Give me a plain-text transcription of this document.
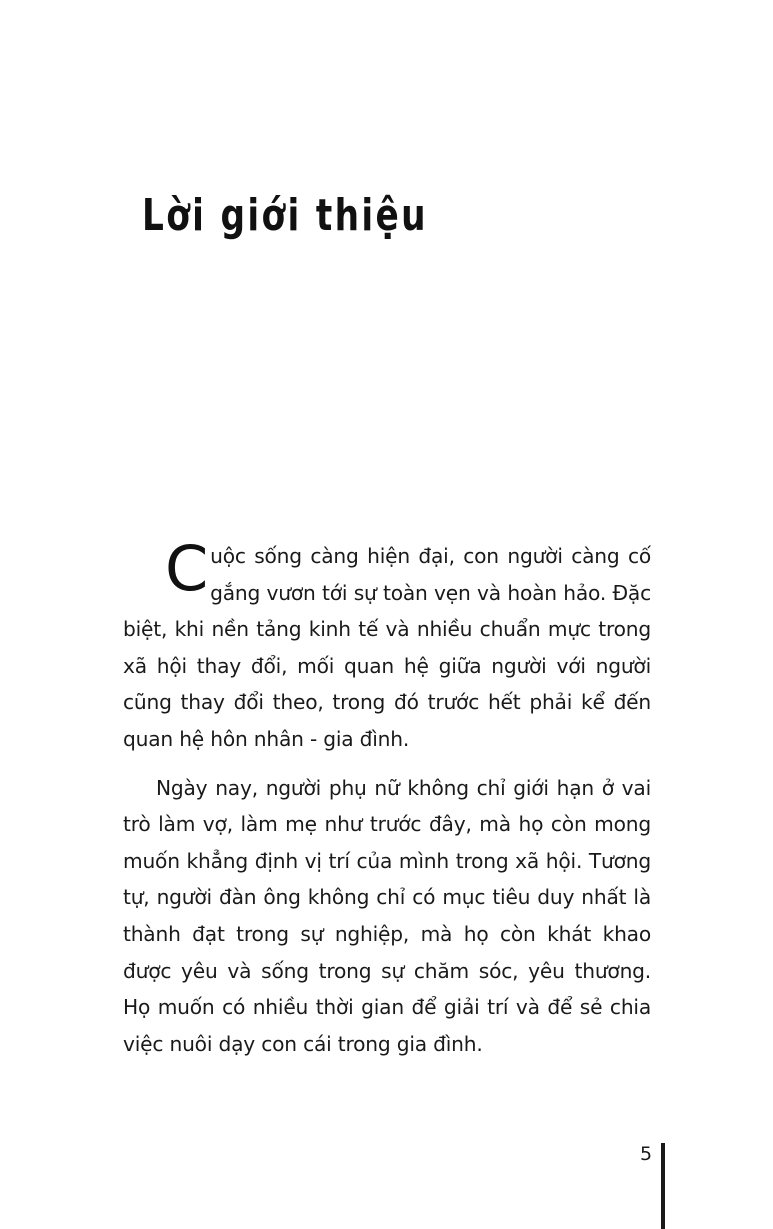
Lời giới thiệu

Cuộc sống càng hiện đại, con người càng cố gắng vươn tới sự toàn vẹn và hoàn hảo. Đặc biệt, khi nền tảng kinh tế và nhiều chuẩn mực trong xã hội thay đổi, mối quan hệ giữa người với người cũng thay đổi theo, trong đó trước hết phải kể đến quan hệ hôn nhân - gia đình.

Ngày nay, người phụ nữ không chỉ giới hạn ở vai trò làm vợ, làm mẹ như trước đây, mà họ còn mong muốn khẳng định vị trí của mình trong xã hội. Tương tự, người đàn ông không chỉ có mục tiêu duy nhất là thành đạt trong sự nghiệp, mà họ còn khát khao được yêu và sống trong sự chăm sóc, yêu thương. Họ muốn có nhiều thời gian để giải trí và để sẻ chia việc nuôi dạy con cái trong gia đình.

5
